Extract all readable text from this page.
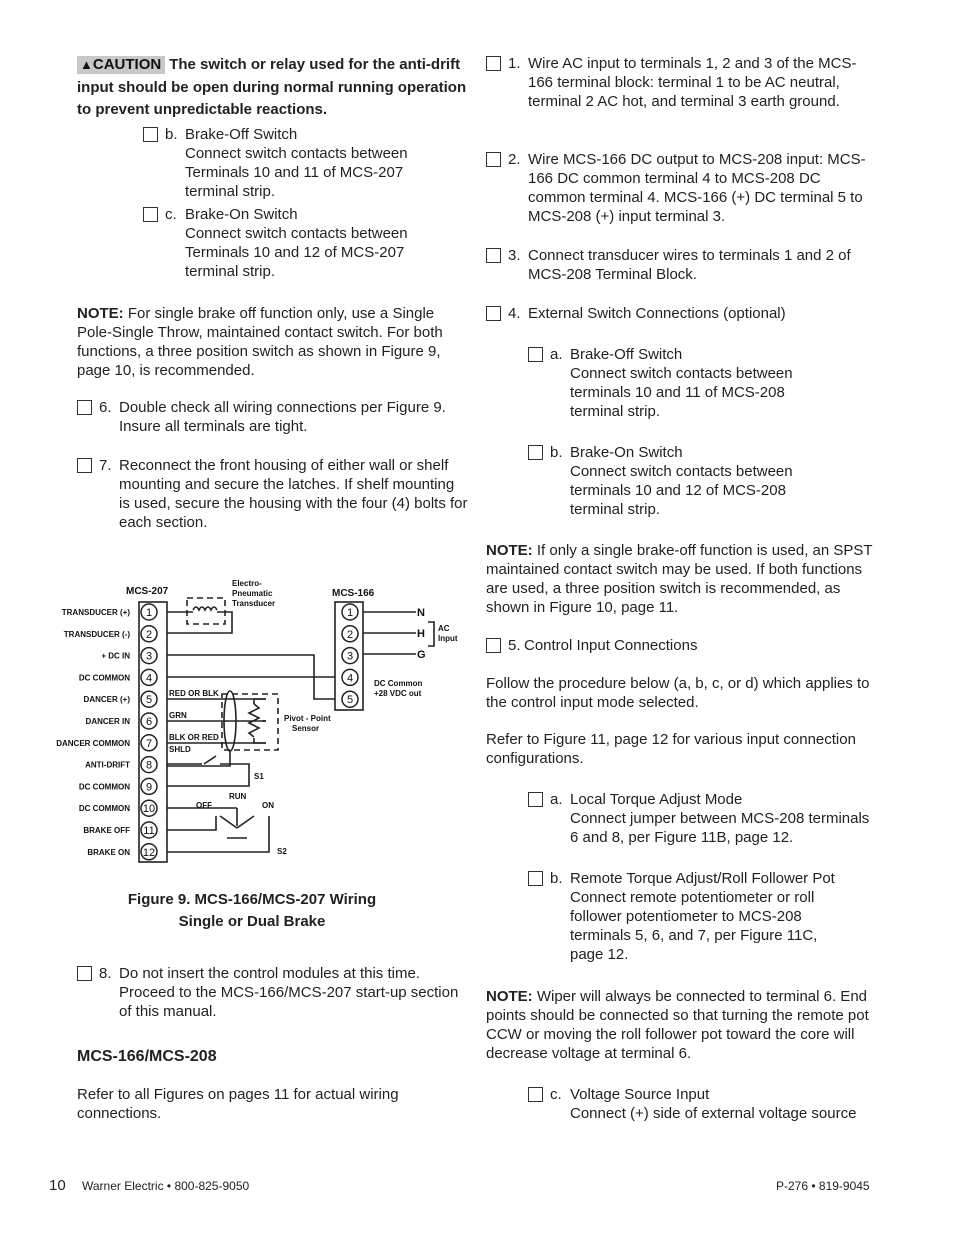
▲CAUTION The switch or relay used for the anti-drift input should be open during normal running operation to prevent unpredictable reactions.
b. Brake-Off Switch
Connect switch contacts between Terminals 10 and 11 of MCS-207 terminal strip.
c. Brake-On Switch
Connect switch contacts between Terminals 10 and 12 of MCS-207 terminal strip.
NOTE: For single brake off function only, use a Single Pole-Single Throw, maintained contact switch. For both functions, a three position switch as shown in Figure 9, page 10, is recommended.
6. Double check all wiring connections per Figure 9. Insure all terminals are tight.
7. Reconnect the front housing of either wall or shelf mounting and secure the latches. If shelf mounting is used, secure the housing with the four (4) bolts for each section.
MCS-207	MCS-166
Electro-
Pneumatic
Transducer
AC
Input
DC Common
+28 VDC out
RED OR BLK
GRN
BLK OR RED
SHLD
Pivot - Point
Sensor
S1
S2
OFF
RUN
ON
N
H
G
TRANSDUCER (+)
TRANSDUCER (-)
+ DC IN
DC COMMON
DANCER (+)
DANCER IN
DANCER COMMON
ANTI-DRIFT
DC COMMON
DC COMMON
BRAKE OFF
BRAKE ON
1
2
3
4
5
6
7
8
9
10
11
12
1
2
3
4
5
Figure 9. MCS-166/MCS-207 Wiring
Single or Dual Brake
8. Do not insert the control modules at this time. Proceed to the MCS-166/MCS-207 start-up section of this manual.
MCS-166/MCS-208
Refer to all Figures on pages 11 for actual wiring connections.
1. Wire AC input to terminals 1, 2 and 3 of the MCS-166 terminal block: terminal 1 to be AC neutral, terminal 2 AC hot, and terminal 3 earth ground.
2. Wire MCS-166 DC output to MCS-208 input: MCS-166 DC common terminal 4 to MCS-208 DC common terminal 4. MCS-166 (+) DC terminal 5 to MCS-208 (+) input terminal 3.
3. Connect transducer wires to terminals 1 and 2 of MCS-208 Terminal Block.
4. External Switch Connections (optional)
a. Brake-Off Switch
Connect switch contacts between terminals 10 and 11 of MCS-208 terminal strip.
b. Brake-On Switch
Connect switch contacts between terminals 10 and 12 of MCS-208 terminal strip.
NOTE: If only a single brake-off function is used, an SPST maintained contact switch may be used. If both functions are used, a three position switch is recommended, as shown in Figure 10, page 11.
5. Control Input Connections
Follow the procedure below (a, b, c, or d) which applies to the control input mode selected.
Refer to Figure 11, page 12 for various input connection configurations.
a. Local Torque Adjust Mode
Connect jumper between MCS-208 terminals 6 and 8, per Figure 11B, page 12.
b. Remote Torque Adjust/Roll Follower Pot
Connect remote potentiometer or roll follower potentiometer to MCS-208 terminals 5, 6, and 7, per Figure 11C, page 12.
NOTE: Wiper will always be connected to terminal 6. End points should be connected so that turning the remote pot CCW or moving the roll follower pot toward the core will decrease voltage at terminal 6.
c. Voltage Source Input
Connect (+) side of external voltage source
10 Warner Electric • 800-825-9050	P-276 • 819-9045
